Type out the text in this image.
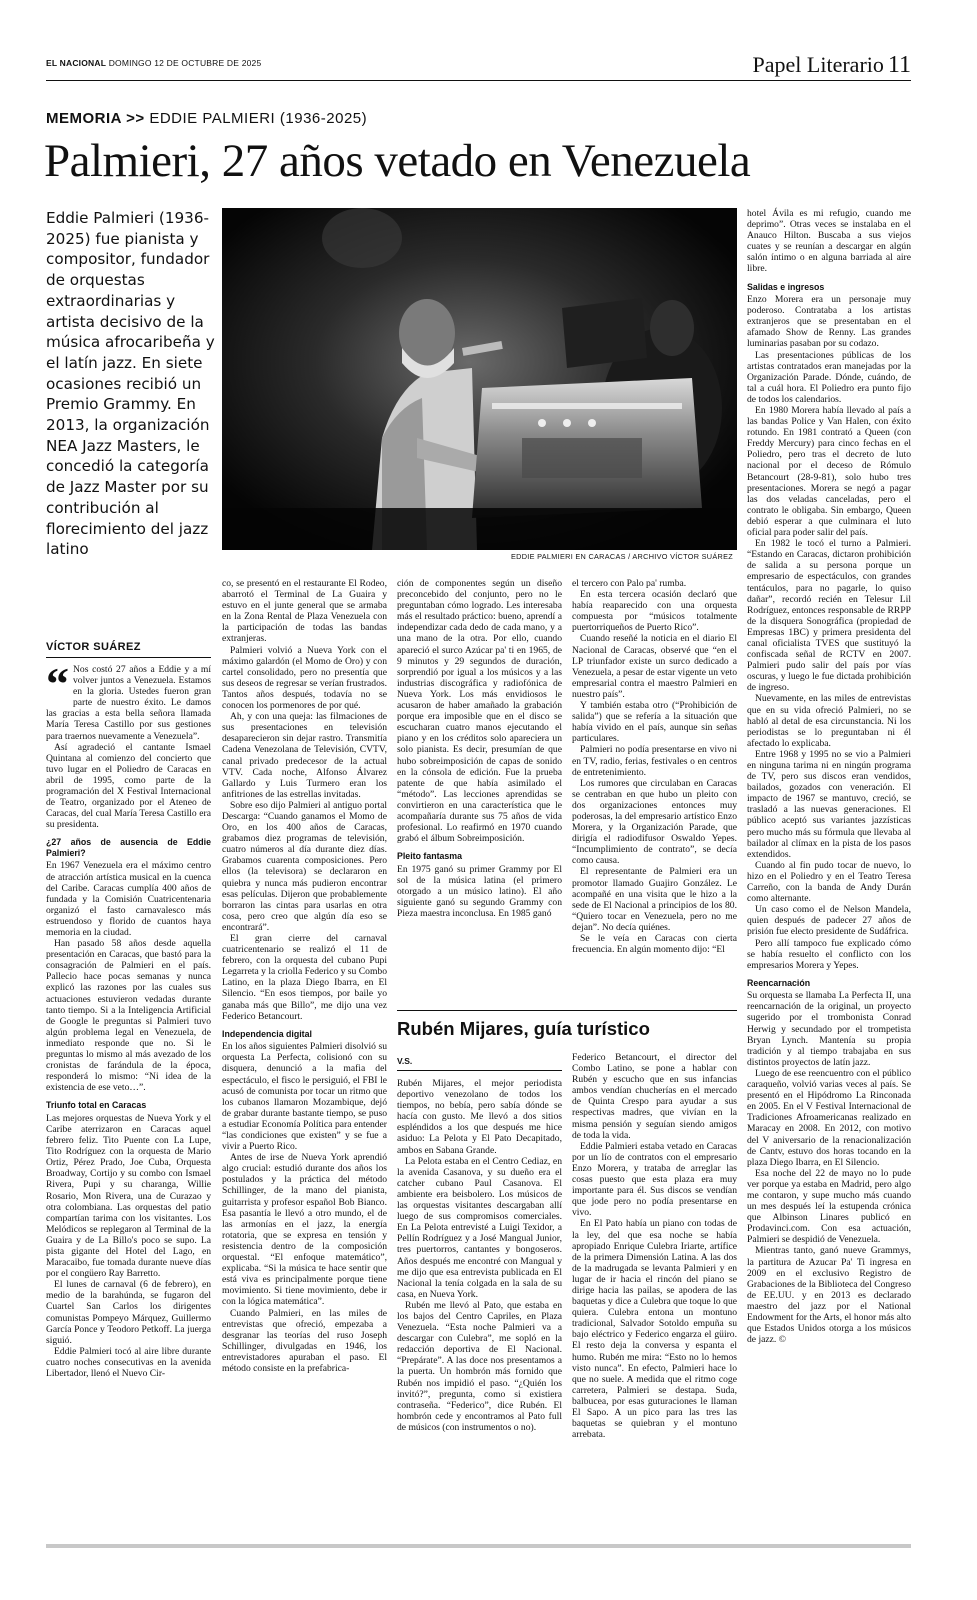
EL NACIONAL DOMINGO 12 DE OCTUBRE DE 2025	Papel Literario 11
MEMORIA >> EDDIE PALMIERI (1936-2025)
Palmieri, 27 años vetado en Venezuela
Eddie Palmieri (1936-2025) fue pianista y compositor, fundador de orquestas extraordinarias y artista decisivo de la música afrocaribeña y el latín jazz. En siete ocasiones recibió un Premio Grammy. En 2013, la organización NEA Jazz Masters, le concedió la categoría de Jazz Master por su contribución al florecimiento del jazz latino	EDDIE PALMIERI EN CARACAS / ARCHIVO VÍCTOR SUÁREZ
VÍCTOR SUÁREZ
“ Nos costó 27 años a Eddie y a mí volver juntos a Venezuela. Estamos en la gloria. Ustedes fueron gran parte de nuestro éxito. Le damos las gracias a esta bella señora llamada María Teresa Castillo por sus gestiones para traernos nuevamente a Venezuela”.

Así agradeció el cantante Ismael Quintana al comienzo del concierto que tuvo lugar en el Poliedro de Caracas en abril de 1995, como parte de la programación del X Festival Internacional de Teatro, organizado por el Ateneo de Caracas, del cual María Teresa Castillo era su presidenta.

¿27 años de ausencia de Eddie Palmieri?

En 1967 Venezuela era el máximo centro de atracción artística musical en la cuenca del Caribe. Caracas cumplía 400 años de fundada y la Comisión Cuatricentenaria organizó el fasto carnavalesco más estruendoso y florido de cuantos haya memoria en la ciudad.

Han pasado 58 años desde aquella presentación en Caracas, que bastó para la consagración de Palmieri en el país. Pallecio hace pocas semanas y nunca explicó las razones por las cuales sus actuaciones estuvieron vedadas durante tanto tiempo. Si a la Inteligencia Artificial de Google le preguntas si Palmieri tuvo algún problema legal en Venezuela, de inmediato responde que no. Si le preguntas lo mismo al más avezado de los cronistas de farándula de la época, responderá lo mismo: “Ni idea de la existencia de ese veto…”.

Triunfo total en Caracas

Las mejores orquestas de Nueva York y el Caribe aterrizaron en Caracas aquel febrero feliz. Tito Puente con La Lupe, Tito Rodríguez con la orquesta de Mario Ortiz, Pérez Prado, Joe Cuba, Orquesta Broadway, Cortijo y su combo con Ismael Rivera, Pupi y su charanga, Willie Rosario, Mon Rivera, una de Curazao y otra colombiana. Las orquestas del patio compartían tarima con los visitantes. Los Melódicos se replegaron al Terminal de la Guaira y de La Billo's poco se supo. La pista gigante del Hotel del Lago, en Maracaibo, fue tomada durante nueve días por el congüero Ray Barretto.

El lunes de carnaval (6 de febrero), en medio de la barahúnda, se fugaron del Cuartel San Carlos los dirigentes comunistas Pompeyo Márquez, Guillermo García Ponce y Teodoro Petkoff. La juerga siguió.

Eddie Palmieri tocó al aire libre durante cuatro noches consecutivas en la avenida Libertador, llenó el Nuevo Cir-

co, se presentó en el restaurante El Rodeo, abarrotó el Terminal de La Guaira y estuvo en el junte general que se armaba en la Zona Rental de Plaza Venezuela con la participación de todas las bandas extranjeras.

Palmieri volvió a Nueva York con el máximo galardón (el Momo de Oro) y con cartel consolidado, pero no presentía que sus deseos de regresar se verían frustrados. Tantos años después, todavía no se conocen los pormenores de por qué.

Ah, y con una queja: las filmaciones de sus presentaciones en televisión desaparecieron sin dejar rastro. Transmitía Cadena Venezolana de Televisión, CVTV, canal privado predecesor de la actual VTV. Cada noche, Alfonso Álvarez Gallardo y Luis Turmero eran los anfitriones de las estrellas invitadas.

Sobre eso dijo Palmieri al antiguo portal Descarga: “Cuando ganamos el Momo de Oro, en los 400 años de Caracas, grabamos diez programas de televisión, cuatro números al día durante diez días. Grabamos cuarenta composiciones. Pero ellos (la televisora) se declararon en quiebra y nunca más pudieron encontrar esas películas. Dijeron que probablemente borraron las cintas para usarlas en otra cosa, pero creo que algún día eso se encontrará”.

El gran cierre del carnaval cuatricentenario se realizó el 11 de febrero, con la orquesta del cubano Pupi Legarreta y la criolla Federico y su Combo Latino, en la plaza Diego Ibarra, en El Silencio. “En esos tiempos, por baile yo ganaba más que Billo”, me dijo una vez Federico Betancourt.

Independencia digital

En los años siguientes Palmieri disolvió su orquesta La Perfecta, colisionó con su disquera, denunció a la mafia del espectáculo, el fisco le persiguió, el FBI le acusó de comunista por tocar un ritmo que los cubanos llamaron Mozambique, dejó de grabar durante bastante tiempo, se puso a estudiar Economía Política para entender “las condiciones que existen” y se fue a vivir a Puerto Rico.

Antes de irse de Nueva York aprendió algo crucial: estudió durante dos años los postulados y la práctica del método Schillinger, de la mano del pianista, guitarrista y profesor español Bob Bianco. Esa pasantía le llevó a otro mundo, el de las armonías en el jazz, la energía rotatoria, que se expresa en tensión y resistencia dentro de la composición orquestal. “El enfoque matemático”, explicaba. “Si la música te hace sentir que está viva es principalmente porque tiene movimiento. Si tiene movimiento, debe ir con la lógica matemática”.

Cuando Palmieri, en las miles de entrevistas que ofreció, empezaba a desgranar las teorías del ruso Joseph Schillinger, divulgadas en 1946, los entrevistadores apuraban el paso. El método consiste en la prefabrica-

ción de componentes según un diseño preconcebido del conjunto, pero no le preguntaban cómo logrado. Les interesaba más el resultado práctico: bueno, aprendí a independizar cada dedo de cada mano, y a una mano de la otra. Por ello, cuando apareció el surco Azúcar pa' ti en 1965, de 9 minutos y 29 segundos de duración, sorprendió por igual a los músicos y a las industrias discográfica y radiofónica de Nueva York. Los más envidiosos le acusaron de haber amañado la grabación porque era imposible que en el disco se escucharan cuatro manos ejecutando el piano y en los créditos solo apareciera un solo pianista. Es decir, presumían de que hubo sobreimposición de capas de sonido en la cónsola de edición. Fue la prueba patente de que había asimilado el “método”. Las lecciones aprendidas se convirtieron en una característica que le acompañaría durante sus 75 años de vida profesional. Lo reafirmó en 1970 cuando grabó el álbum Sobreimposición.

Pleito fantasma

En 1975 ganó su primer Grammy por El sol de la música latina (el primero otorgado a un músico latino). El año siguiente ganó su segundo Grammy con Pieza maestra inconclusa. En 1985 ganó

el tercero con Palo pa' rumba.

En esta tercera ocasión declaró que había reaparecido con una orquesta compuesta por “músicos totalmente puertorriqueños de Puerto Rico”.

Cuando reseñé la noticia en el diario El Nacional de Caracas, observé que “en el LP triunfador existe un surco dedicado a Venezuela, a pesar de estar vigente un veto empresarial contra el maestro Palmieri en nuestro país”.

Y también estaba otro (“Prohibición de salida”) que se refería a la situación que había vivido en el país, aunque sin señas particulares.

Palmieri no podía presentarse en vivo ni en TV, radio, ferias, festivales o en centros de entretenimiento.

Los rumores que circulaban en Caracas se centraban en que hubo un pleito con dos organizaciones entonces muy poderosas, la del empresario artístico Enzo Morera, y la Organización Parade, que dirigía el radiodifusor Oswaldo Yepes. “Incumplimiento de contrato”, se decía como causa.

El representante de Palmieri era un promotor llamado Guajiro González. Le acompañé en una visita que le hizo a la sede de El Nacional a principios de los 80. “Quiero tocar en Venezuela, pero no me dejan”. No decía quiénes.

Se le veía en Caracas con cierta frecuencia. En algún momento dijo: “El

hotel Ávila es mi refugio, cuando me deprimo”. Otras veces se instalaba en el Anauco Hilton. Buscaba a sus viejos cuates y se reunían a descargar en algún salón íntimo o en alguna barriada al aire libre.

Salidas e ingresos

Enzo Morera era un personaje muy poderoso. Contrataba a los artistas extranjeros que se presentaban en el afamado Show de Renny. Las grandes luminarias pasaban por su codazo.

Las presentaciones públicas de los artistas contratados eran manejadas por la Organización Parade. Dónde, cuándo, de tal a cuál hora. El Poliedro era punto fijo de todos los calendarios.

En 1980 Morera había llevado al país a las bandas Police y Van Halen, con éxito rotundo. En 1981 contrató a Queen (con Freddy Mercury) para cinco fechas en el Poliedro, pero tras el decreto de luto nacional por el deceso de Rómulo Betancourt (28-9-81), solo hubo tres presentaciones. Morera se negó a pagar las dos veladas canceladas, pero el contrato le obligaba. Sin embargo, Queen debió esperar a que culminara el luto oficial para poder salir del país.

En 1982 le tocó el turno a Palmieri. “Estando en Caracas, dictaron prohibición de salida a su persona porque un empresario de espectáculos, con grandes tentáculos, para no pagarle, lo quiso dañar”, recordó recién en Telesur Lil Rodríguez, entonces responsable de RRPP de la disquera Sonográfica (propiedad de Empresas 1BC) y primera presidenta del canal oficialista TVES que sustituyó la confiscada señal de RCTV en 2007. Palmieri pudo salir del país por vías oscuras, y luego le fue dictada prohibición de ingreso.

Nuevamente, en las miles de entrevistas que en su vida ofreció Palmieri, no se habló al detal de esa circunstancia. Ni los periodistas se lo preguntaban ni él afectado lo explicaba.

Entre 1968 y 1995 no se vio a Palmieri en ninguna tarima ni en ningún programa de TV, pero sus discos eran vendidos, bailados, gozados con veneración. El impacto de 1967 se mantuvo, creció, se trasladó a las nuevas generaciones. El público aceptó sus variantes jazzísticas pero mucho más su fórmula que llevaba al bailador al clímax en la pista de los pasos extendidos.

Cuando al fin pudo tocar de nuevo, lo hizo en el Poliedro y en el Teatro Teresa Carreño, con la banda de Andy Durán como alternante.

Un caso como el de Nelson Mandela, quien después de padecer 27 años de prisión fue electo presidente de Sudáfrica.

Pero allí tampoco fue explicado cómo se había resuelto el conflicto con los empresarios Morera y Yepes.

Reencarnación

Su orquesta se llamaba La Perfecta II, una reencarnación de la original, un proyecto sugerido por el trombonista Conrad Herwig y secundado por el trompetista Bryan Lynch. Mantenía su propia tradición y al tiempo trabajaba en sus distintos proyectos de latín jazz.

Luego de ese reencuentro con el público caraqueño, volvió varias veces al país. Se presentó en el Hipódromo La Rinconada en 2005. En el V Festival Internacional de Tradiciones Afroamericanas realizado en Maracay en 2008. En 2012, con motivo del V aniversario de la renacionalización de Cantv, estuvo dos horas tocando en la plaza Diego Ibarra, en El Silencio.

Esa noche del 22 de mayo no lo pude ver porque ya estaba en Madrid, pero algo me contaron, y supe mucho más cuando un mes después leí la estupenda crónica que Albinson Linares publicó en Prodavinci.com. Con esa actuación, Palmieri se despidió de Venezuela.

Mientras tanto, ganó nueve Grammys, la partitura de Azucar Pa' Ti ingresa en 2009 en el exclusivo Registro de Grabaciones de la Biblioteca del Congreso de EE.UU. y en 2013 es declarado maestro del jazz por el National Endowment for the Arts, el honor más alto que Estados Unidos otorga a los músicos de jazz. ©

Rubén Mijares, guía turístico
V.S.

Rubén Mijares, el mejor periodista deportivo venezolano de todos los tiempos, no bebía, pero sabía dónde se hacía con gusto. Me llevó a dos sitios espléndidos a los que después me hice asiduo: La Pelota y El Pato Decapitado, ambos en Sabana Grande.

La Pelota estaba en el Centro Cediaz, en la avenida Casanova, y su dueño era el catcher cubano Paul Casanova. El ambiente era beisbolero. Los músicos de las orquestas visitantes descargaban allí luego de sus compromisos comerciales. En La Pelota entrevisté a Luigi Texidor, a Pellín Rodríguez y a José Mangual Junior, tres puertorros, cantantes y bongoseros. Años después me encontré con Mangual y me dijo que esa entrevista publicada en El Nacional la tenía colgada en la sala de su casa, en Nueva York.

Rubén me llevó al Pato, que estaba en los bajos del Centro Capriles, en Plaza Venezuela. “Esta noche Palmieri va a descargar con Culebra”, me sopló en la redacción deportiva de El Nacional. “Prepárate”. A las doce nos presentamos a la puerta. Un hombrón más fornido que Rubén nos impidió el paso. “¿Quién los invitó?”, pregunta, como si existiera contraseña. “Federico”, dice Rubén. El hombrón cede y encontramos al Pato full de músicos (con instrumentos o no).

Federico Betancourt, el director del Combo Latino, se pone a hablar con Rubén y escucho que en sus infancias ambos vendían chucherías en el mercado de Quinta Crespo para ayudar a sus respectivas madres, que vivían en la misma pensión y seguían siendo amigos de toda la vida.

Eddie Palmieri estaba vetado en Caracas por un lío de contratos con el empresario Enzo Morera, y trataba de arreglar las cosas puesto que esta plaza era muy importante para él. Sus discos se vendían que jode pero no podía presentarse en vivo.

En El Pato había un piano con todas de la ley, del que esa noche se había apropiado Enrique Culebra Iriarte, artífice de la primera Dimensión Latina. A las dos de la madrugada se levanta Palmieri y en lugar de ir hacia el rincón del piano se dirige hacia las pailas, se apodera de las baquetas y dice a Culebra que toque lo que quiera. Culebra entona un montuno tradicional, Salvador Sotoldo empuña su bajo eléctrico y Federico engarza el güiro. El resto deja la conversa y espanta el humo. Rubén me mira: “Esto no lo hemos visto nunca”. En efecto, Palmieri hace lo que no suele. A medida que el ritmo coge carretera, Palmieri se destapa. Suda, balbucea, por esas guturaciones le llaman El Sapo. A un pico para las tres las baquetas se quiebran y el montuno arrebata.
